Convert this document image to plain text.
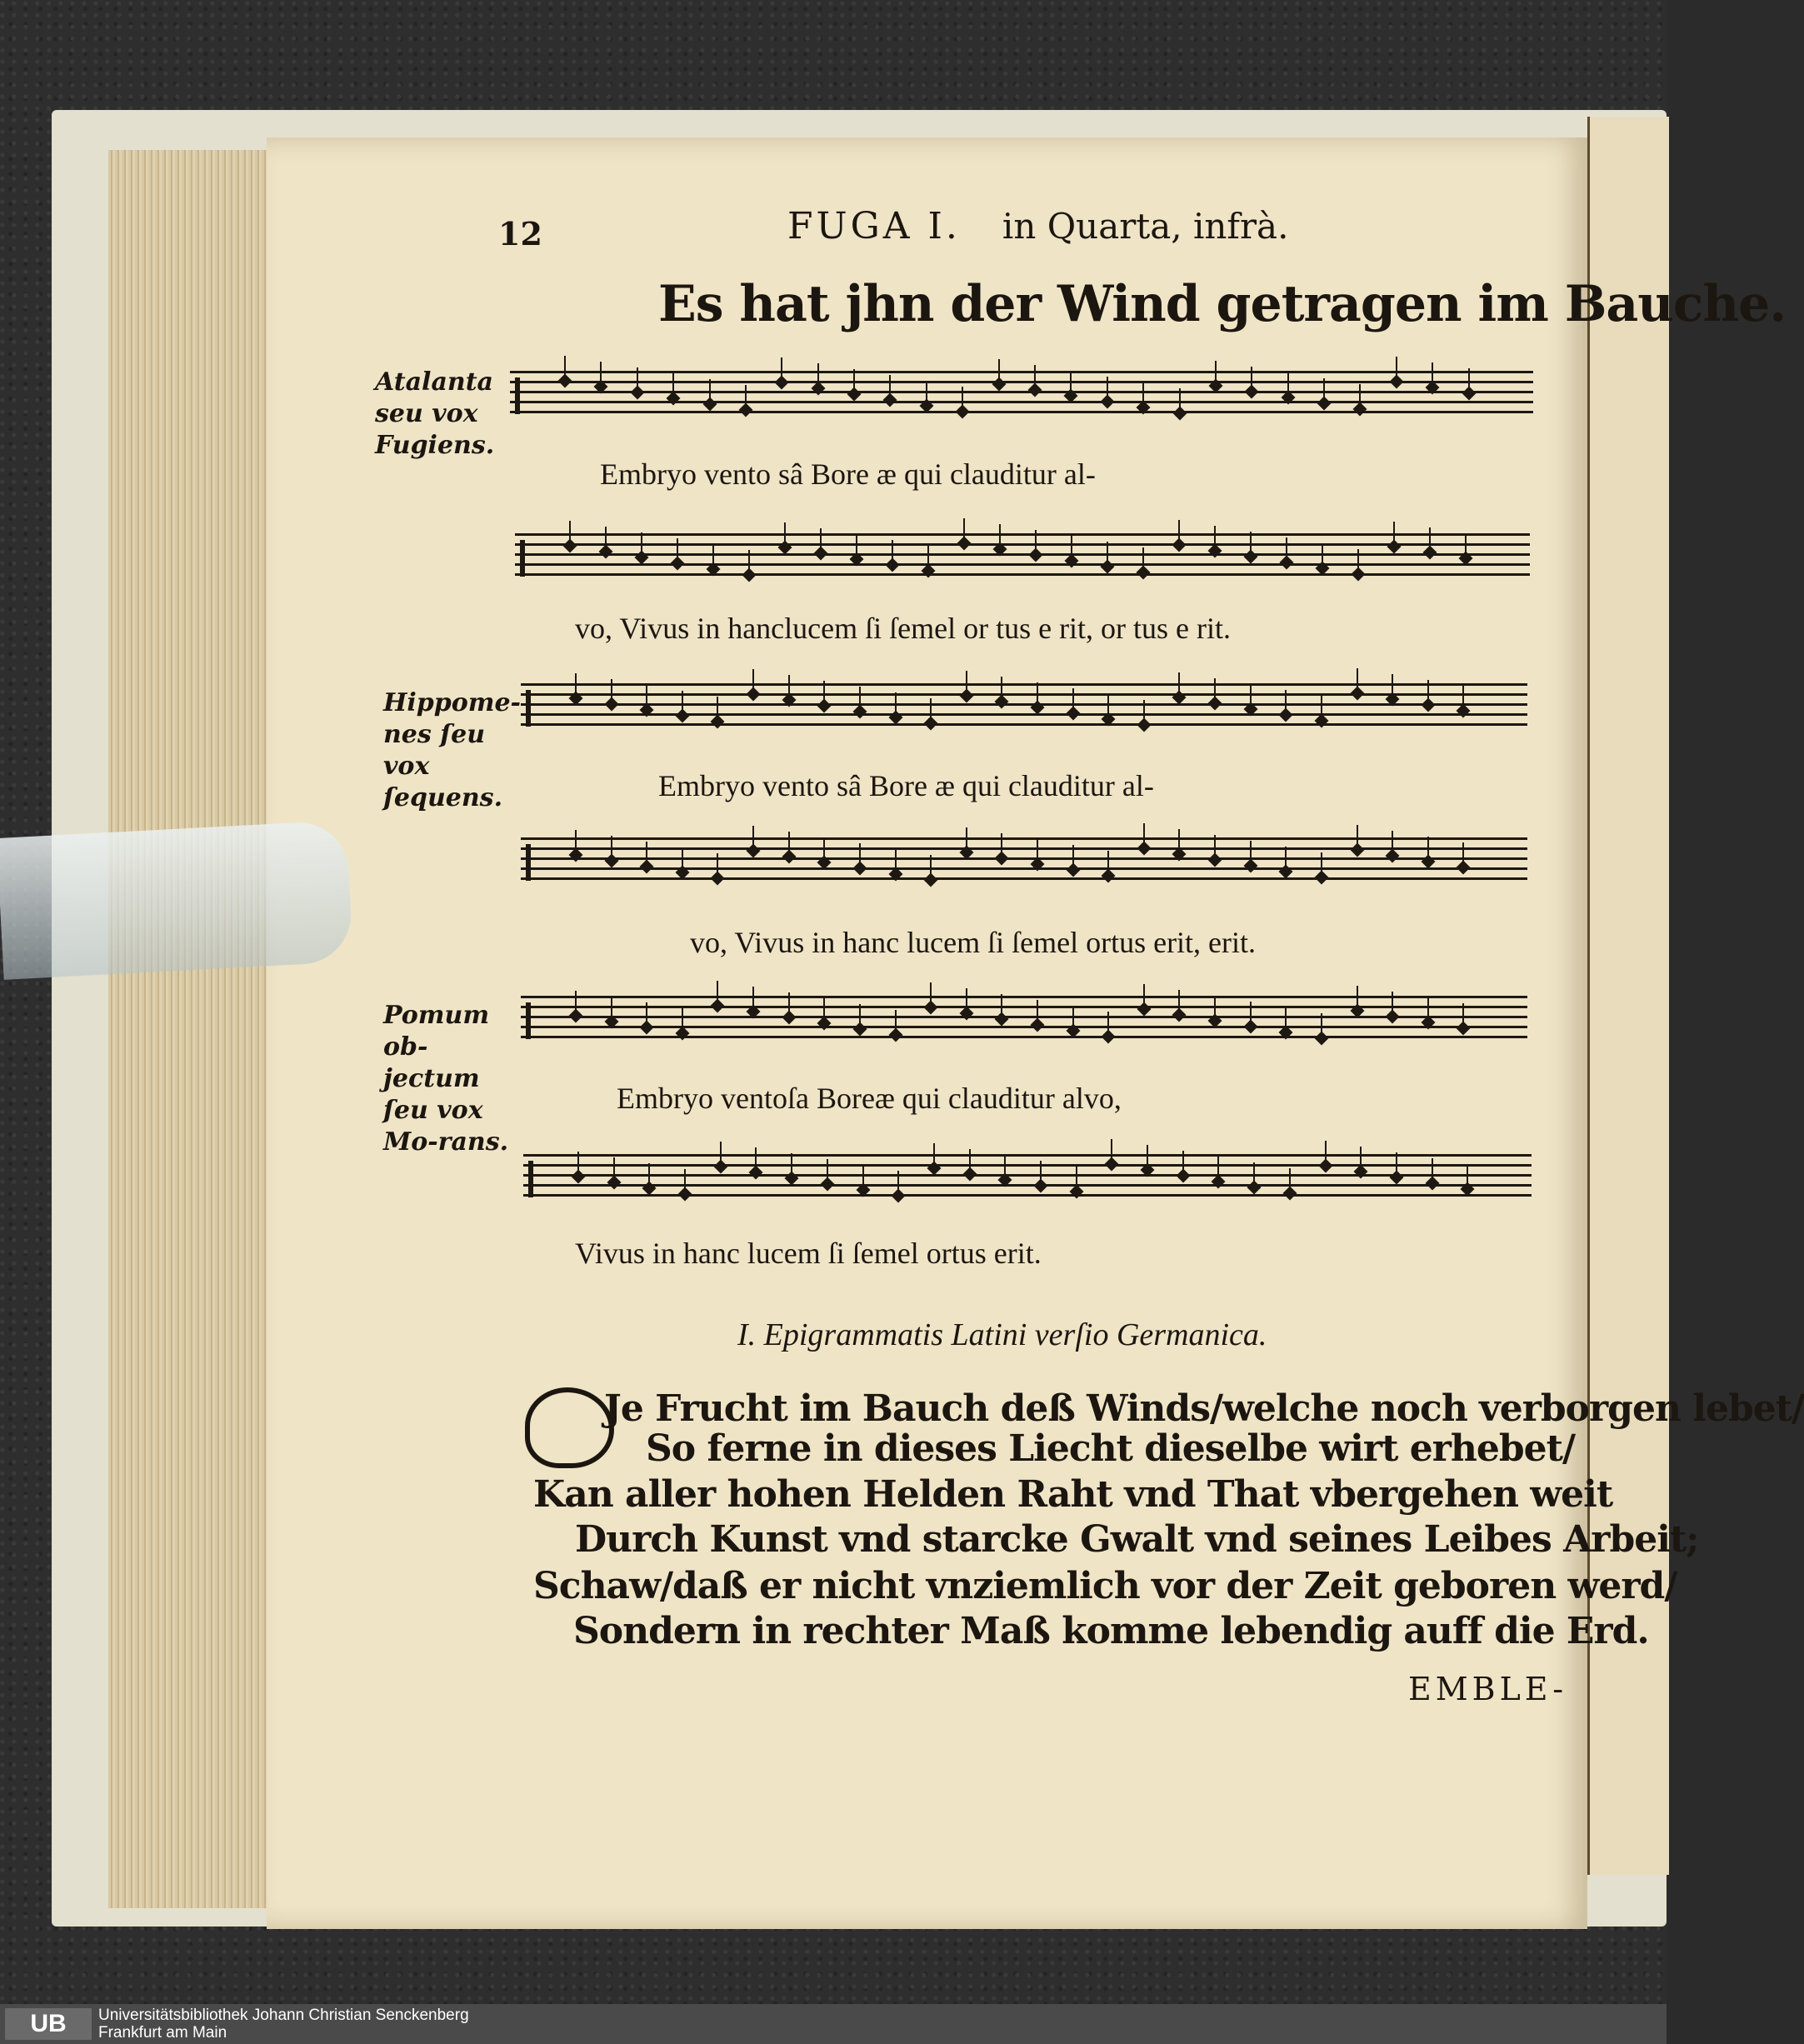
12	FUGA I. in Quarta, infrà.
Es hat jhn der Wind getragen im Bauche.
Atalanta seu vox Fugiens.
Embryo vento sâ Bore æ qui clauditur al-
vo, Vivus in hanclucem ſi ſemel or tus e rit, or tus e rit.
Hippome-nes ſeu vox ſequens.	Embryo vento sâ Bore æ qui clauditur al-
vo, Vivus in hanc lucem ſi ſemel ortus erit, erit.
Pomum ob-jectum ſeu vox Mo-rans.
Embryo ventoſa Boreæ qui clauditur alvo,
Vivus in hanc lucem ſi ſemel ortus erit.
I. Epigrammatis Latini verſio Germanica.
Je Frucht im Bauch deß Winds/welche noch verborgen lebet/
So ferne in dieses Liecht dieselbe wirt erhebet/
Kan aller hohen Helden Raht vnd That vbergehen weit
Durch Kunst vnd starcke Gwalt vnd seines Leibes Arbeit;
Schaw/daß er nicht vnziemlich vor der Zeit geboren werd/
Sondern in rechter Maß komme lebendig auff die Erd.
EMBLE-
UB	Universitätsbibliothek Johann Christian Senckenberg
Frankfurt am Main
